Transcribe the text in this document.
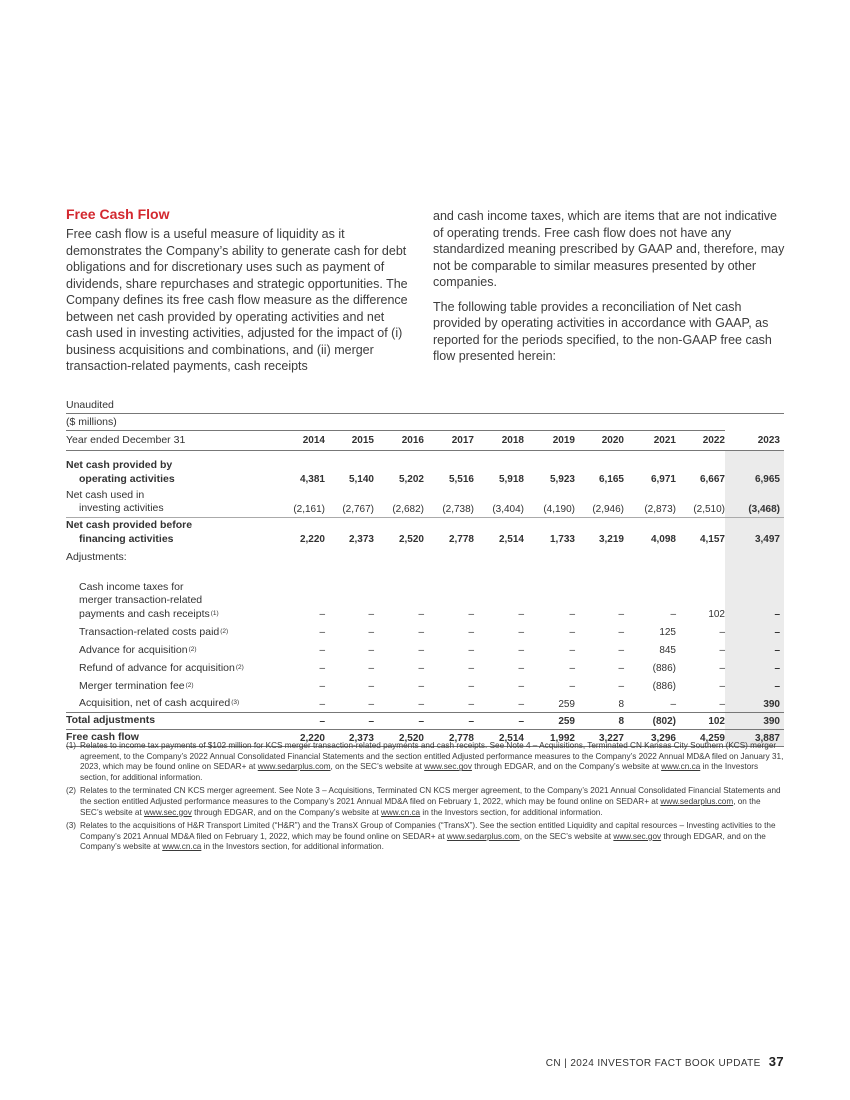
Free Cash Flow

Free cash flow is a useful measure of liquidity as it demonstrates the Company’s ability to generate cash for debt obligations and for discretionary uses such as payment of dividends, share repurchases and strategic opportunities. The Company defines its free cash flow measure as the difference between net cash provided by operating activities and net cash used in investing activities, adjusted for the impact of (i) business acquisitions and combinations, and (ii) merger transaction-related payments, cash receipts

and cash income taxes, which are items that are not indicative of operating trends. Free cash flow does not have any standardized meaning prescribed by GAAP and, therefore, may not be comparable to similar measures presented by other companies.

The following table provides a reconciliation of Net cash provided by operating activities in accordance with GAAP, as reported for the periods specified, to the non-GAAP free cash flow presented herein:

Unaudited
($ millions)
Year ended December 31	2014	2015	2016	2017	2018	2019	2020	2021	2022	2023

Net cash provided by
operating activities	4,381	5,140	5,202	5,516	5,918	5,923	6,165	6,971	6,667	6,965

Net cash used in
investing activities	(2,161)	(2,767)	(2,682)	(2,738)	(3,404)	(4,190)	(2,946)	(2,873)	(2,510)	(3,468)

Net cash provided before
financing activities	2,220	2,373	2,520	2,778	2,514	1,733	3,219	4,098	4,157	3,497

Adjustments:										

Cash income taxes for
merger transaction-related
payments and cash receipts$^{(1)}$	–	–	–	–	–	–	–	–	102	–

Transaction-related costs paid$^{(2)}$	–	–	–	–	–	–	–	125	–	–

Advance for acquisition$^{(2)}$	–	–	–	–	–	–	–	845	–	–

Refund of advance for acquisition$^{(2)}$	–	–	–	–	–	–	–	(886)	–	–

Merger termination fee$^{(2)}$	–	–	–	–	–	–	–	(886)	–	–

Acquisition, net of cash acquired$^{(3)}$	–	–	–	–	–	259	8	–	–	390

Total adjustments	–	–	–	–	–	259	8	(802)	102	390

Free cash flow	2,220	2,373	2,520	2,778	2,514	1,992	3,227	3,296	4,259	3,887
(1) Relates to income tax payments of $102 million for KCS merger transaction-related payments and cash receipts. See Note 4 – Acquisitions, Terminated CN Kansas City Southern (KCS) merger agreement, to the Company’s 2022 Annual Consolidated Financial Statements and the section entitled Adjusted performance measures to the Company’s 2022 Annual MD&A filed on January 31, 2023, which may be found online on SEDAR+ at www.sedarplus.com, on the SEC’s website at www.sec.gov through EDGAR, and on the Company’s website at www.cn.ca in the Investors section, for additional information.
(2) Relates to the terminated CN KCS merger agreement. See Note 3 – Acquisitions, Terminated CN KCS merger agreement, to the Company’s 2021 Annual Consolidated Financial Statements and the section entitled Adjusted performance measures to the Company’s 2021 Annual MD&A filed on February 1, 2022, which may be found online on SEDAR+ at www.sedarplus.com, on the SEC’s website at www.sec.gov through EDGAR, and on the Company’s website at www.cn.ca in the Investors section, for additional information.
(3) Relates to the acquisitions of H&R Transport Limited (“H&R”) and the TransX Group of Companies (“TransX”). See the section entitled Liquidity and capital resources – Investing activities to the Company’s 2021 Annual MD&A filed on February 1, 2022, which may be found online on SEDAR+ at www.sedarplus.com, on the SEC’s website at www.sec.gov through EDGAR, and on the Company’s website at www.cn.ca in the Investors section, for additional information.
CN | 2024 INVESTOR FACT BOOK UPDATE 37
